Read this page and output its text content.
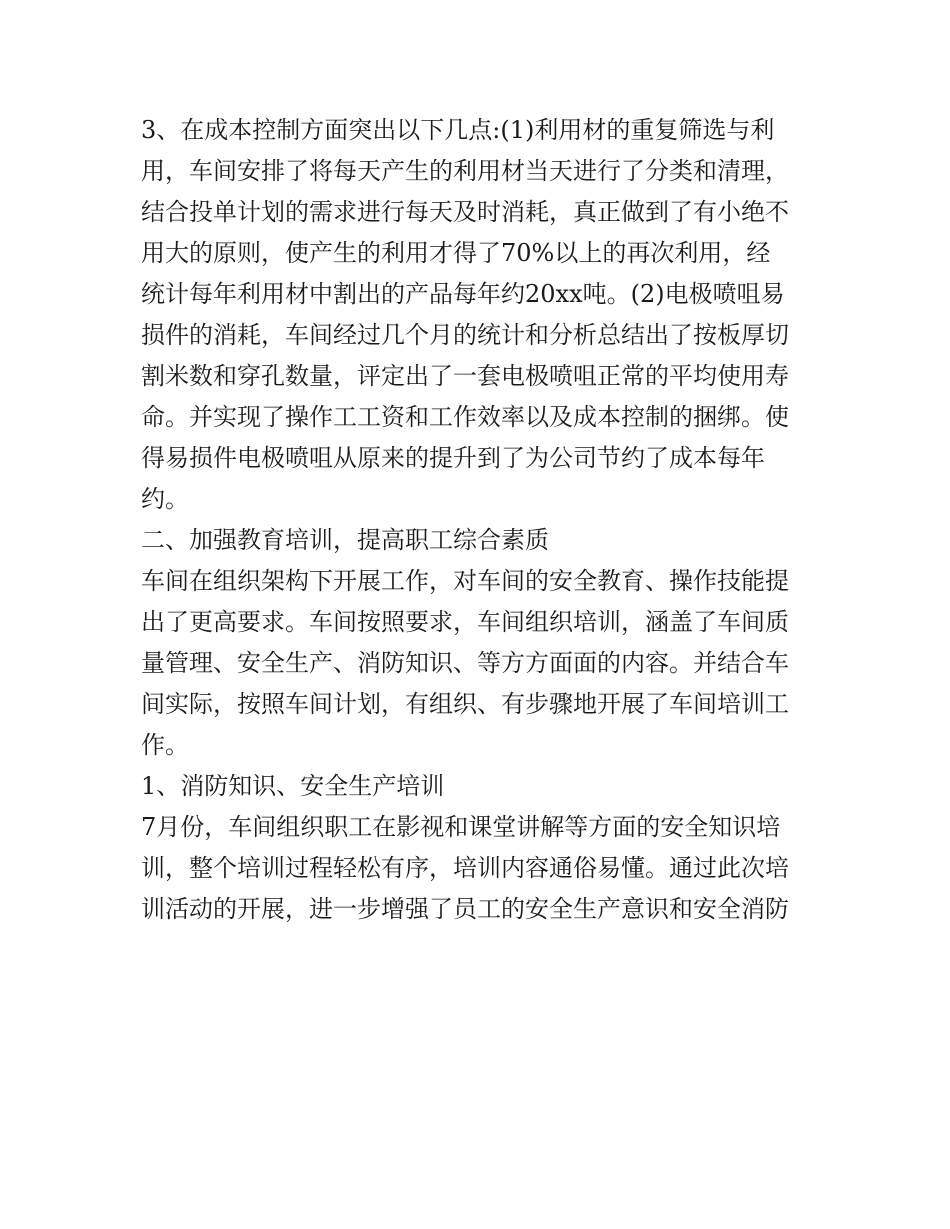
3、在成本控制方面突出以下几点:(1)利用材的重复筛选与利
用，车间安排了将每天产生的利用材当天进行了分类和清理，
结合投单计划的需求进行每天及时消耗，真正做到了有小绝不
用大的原则，使产生的利用才得了70%以上的再次利用，经
统计每年利用材中割出的产品每年约20xx吨。(2)电极喷咀易
损件的消耗，车间经过几个月的统计和分析总结出了按板厚切
割米数和穿孔数量，评定出了一套电极喷咀正常的平均使用寿
命。并实现了操作工工资和工作效率以及成本控制的捆绑。使
得易损件电极喷咀从原来的提升到了为公司节约了成本每年
约。
二、加强教育培训，提高职工综合素质
车间在组织架构下开展工作，对车间的安全教育、操作技能提
出了更高要求。车间按照要求，车间组织培训，涵盖了车间质
量管理、安全生产、消防知识、等方方面面的内容。并结合车
间实际，按照车间计划，有组织、有步骤地开展了车间培训工
作。
1、消防知识、安全生产培训
7月份，车间组织职工在影视和课堂讲解等方面的安全知识培
训，整个培训过程轻松有序，培训内容通俗易懂。通过此次培
训活动的开展，进一步增强了员工的安全生产意识和安全消防
